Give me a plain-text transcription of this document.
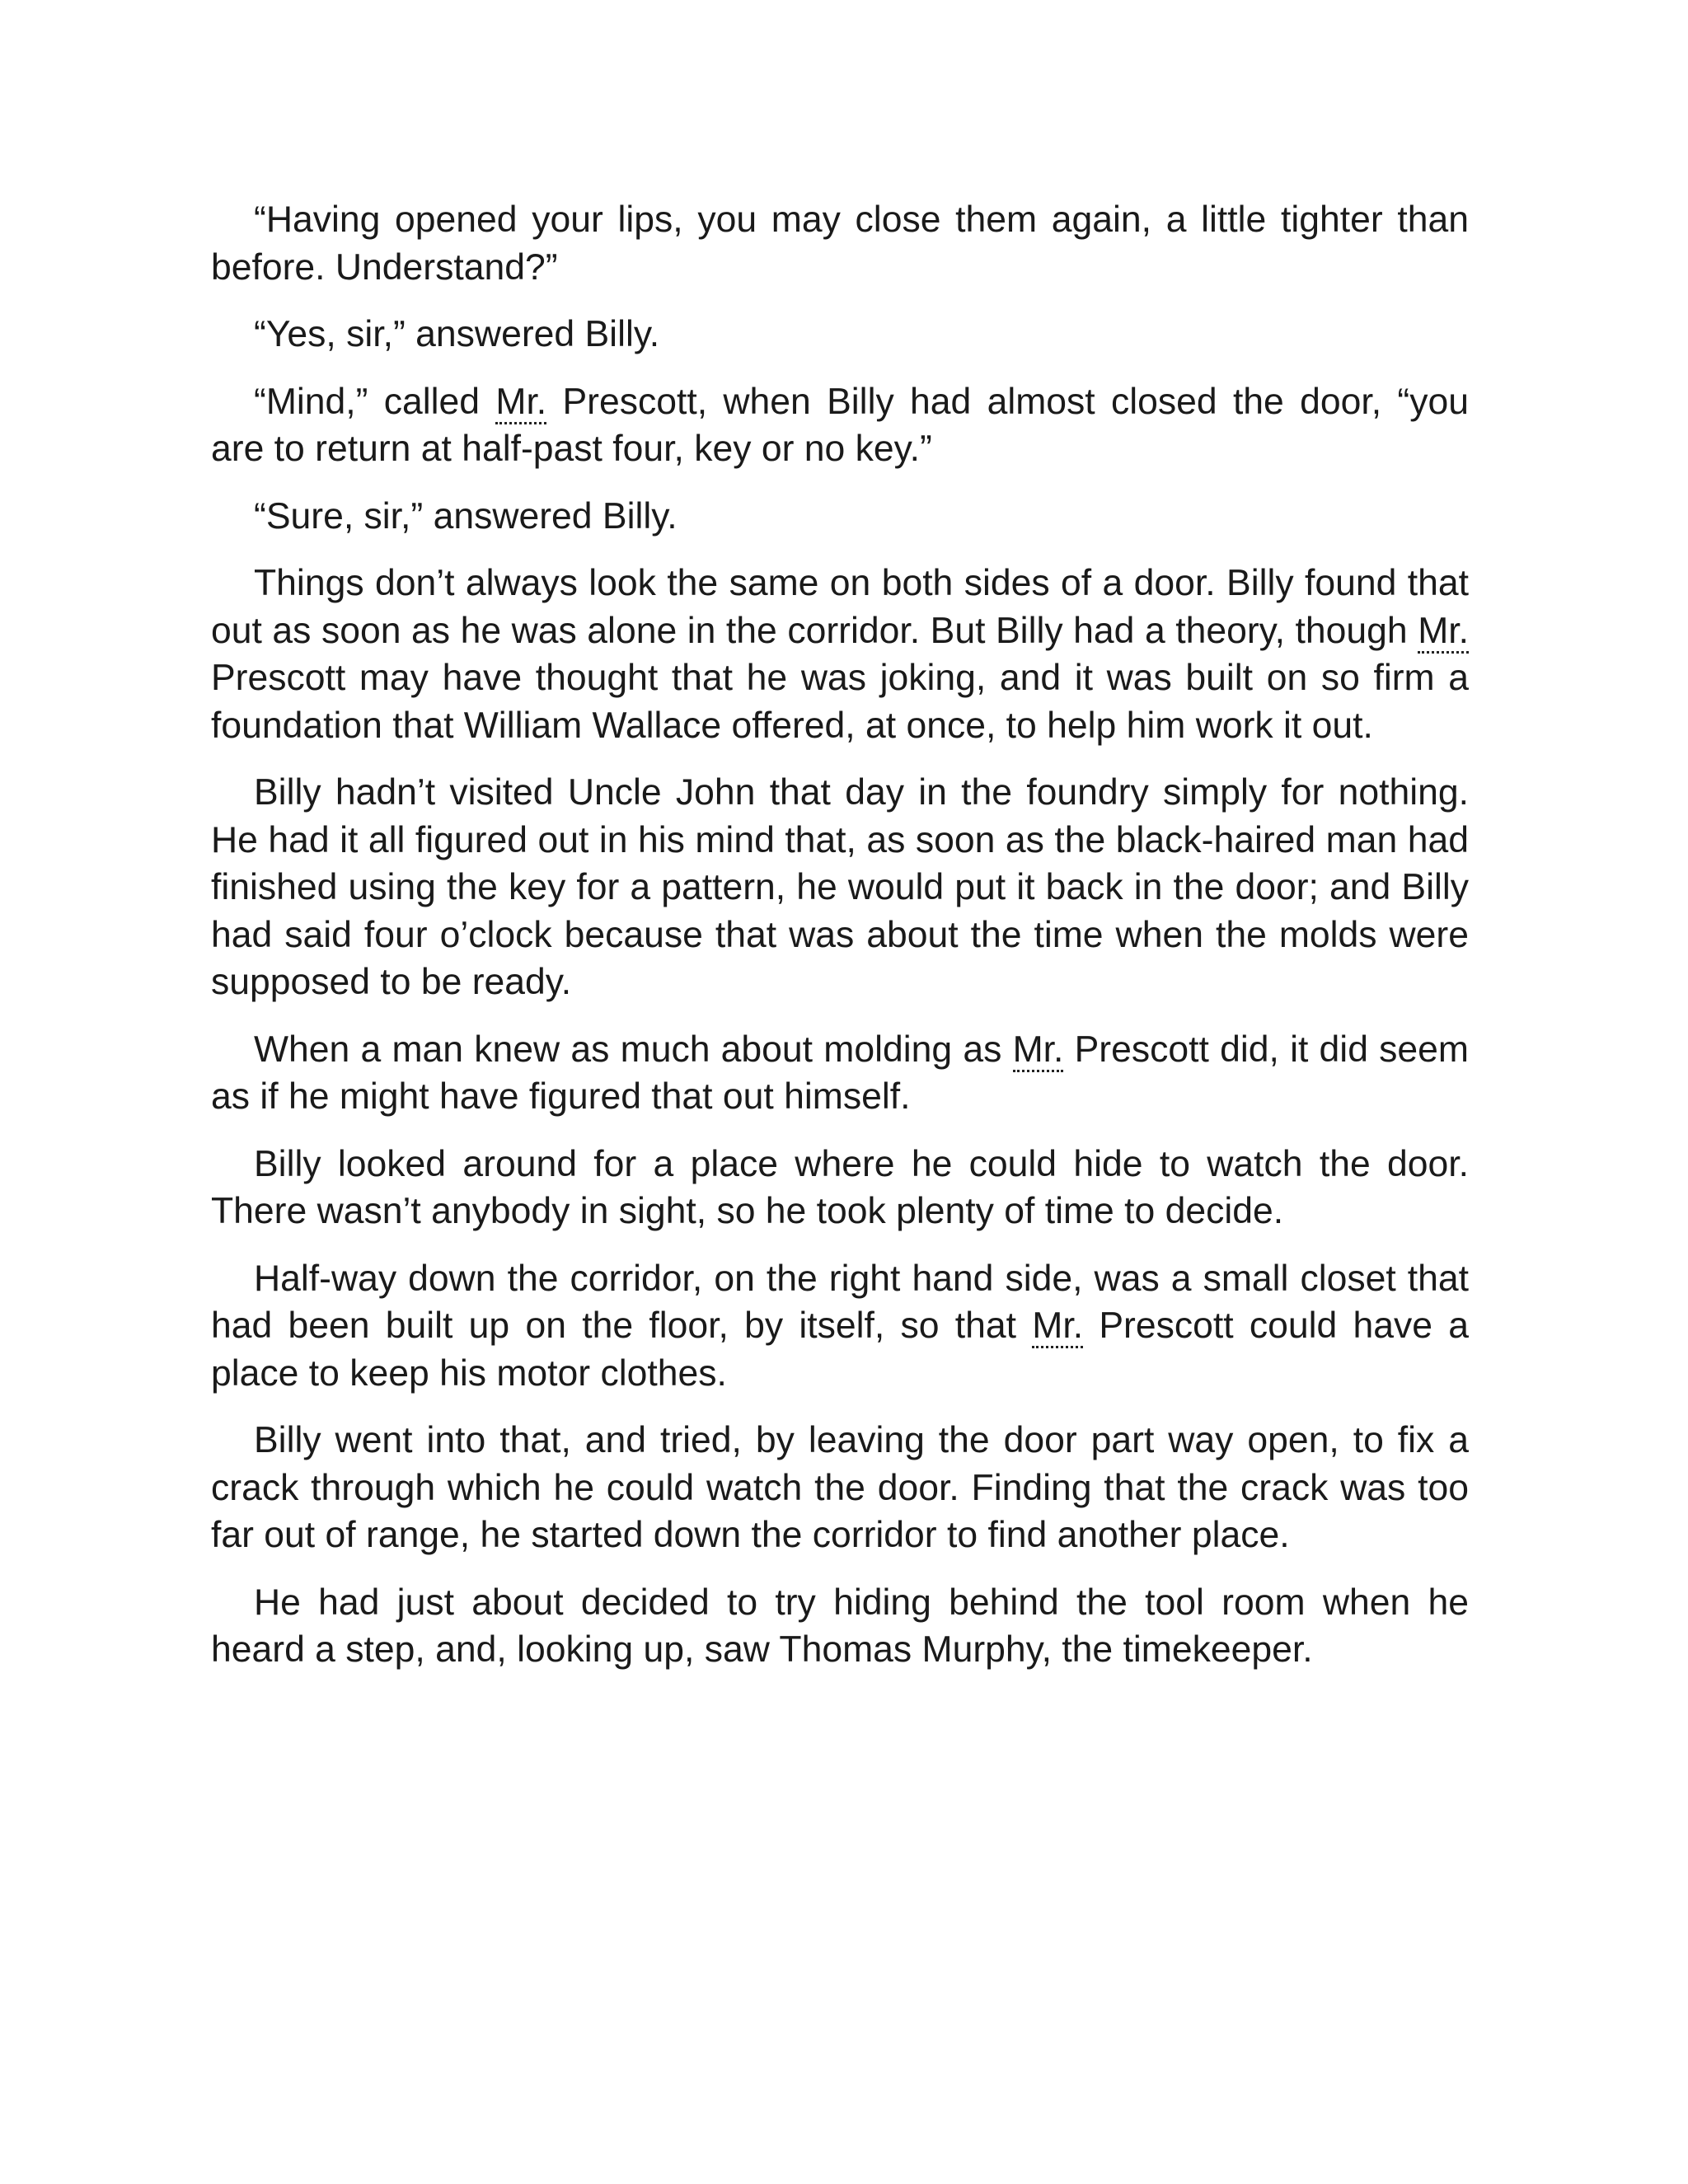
“Having opened your lips, you may close them again, a little tighter than before. Understand?”

“Yes, sir,” answered Billy.

“Mind,” called Mr. Prescott, when Billy had almost closed the door, “you are to return at half-past four, key or no key.”

“Sure, sir,” answered Billy.

Things don’t always look the same on both sides of a door. Billy found that out as soon as he was alone in the corridor. But Billy had a theory, though Mr. Prescott may have thought that he was joking, and it was built on so firm a foundation that William Wallace offered, at once, to help him work it out.

Billy hadn’t visited Uncle John that day in the foundry simply for nothing. He had it all figured out in his mind that, as soon as the black-haired man had finished using the key for a pattern, he would put it back in the door; and Billy had said four o’clock because that was about the time when the molds were supposed to be ready.

When a man knew as much about molding as Mr. Prescott did, it did seem as if he might have figured that out himself.

Billy looked around for a place where he could hide to watch the door. There wasn’t anybody in sight, so he took plenty of time to decide.

Half-way down the corridor, on the right hand side, was a small closet that had been built up on the floor, by itself, so that Mr. Prescott could have a place to keep his motor clothes.

Billy went into that, and tried, by leaving the door part way open, to fix a crack through which he could watch the door. Finding that the crack was too far out of range, he started down the corridor to find another place.

He had just about decided to try hiding behind the tool room when he heard a step, and, looking up, saw Thomas Murphy, the timekeeper.
